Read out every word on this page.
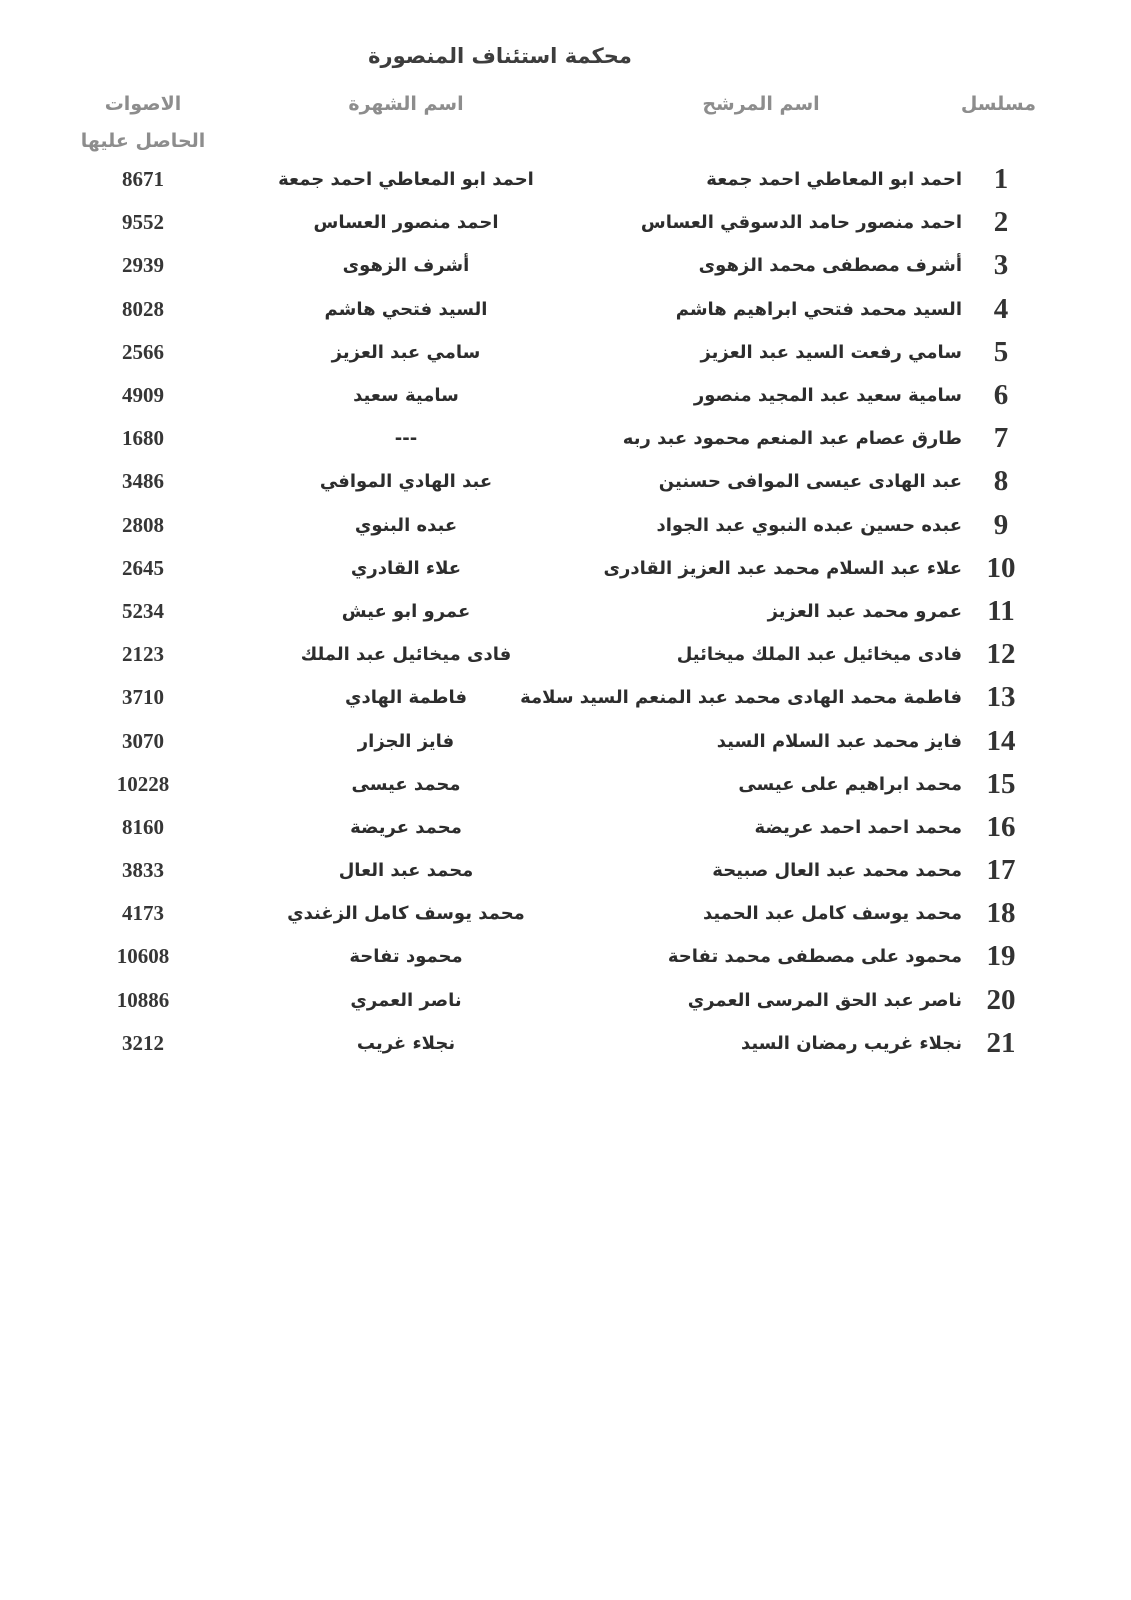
محكمة استئناف المنصورة
مسلسل
اسم المرشح
اسم الشهرة
الاصوات
الحاصل عليها
1
احمد ابو المعاطي احمد جمعة
احمد ابو المعاطي احمد جمعة
8671
2
احمد منصور حامد الدسوقي العساس
احمد منصور العساس
9552
3
أشرف مصطفى محمد الزهوى
أشرف الزهوى
2939
4
السيد محمد فتحي ابراهيم هاشم
السيد فتحي هاشم
8028
5
سامي رفعت السيد عبد العزيز
سامي عبد العزيز
2566
6
سامية سعيد عبد المجيد منصور
سامية سعيد
4909
7
طارق عصام عبد المنعم محمود عبد ربه
---
1680
8
عبد الهادى عيسى الموافى حسنين
عبد الهادي الموافي
3486
9
عبده حسين عبده النبوي عبد الجواد
عبده البنوي
2808
10
علاء عبد السلام محمد عبد العزيز القادرى
علاء القادري
2645
11
عمرو محمد عبد العزيز
عمرو ابو عيش
5234
12
فادى ميخائيل عبد الملك ميخائيل
فادى ميخائيل عبد الملك
2123
13
فاطمة محمد الهادى محمد عبد المنعم السيد سلامة
فاطمة الهادي
3710
14
فايز محمد عبد السلام السيد
فايز الجزار
3070
15
محمد ابراهيم على عيسى
محمد عيسى
10228
16
محمد احمد احمد عريضة
محمد عريضة
8160
17
محمد محمد عبد العال صبيحة
محمد عبد العال
3833
18
محمد يوسف كامل عبد الحميد
محمد يوسف كامل الزغندي
4173
19
محمود على مصطفى محمد تفاحة
محمود تفاحة
10608
20
ناصر عبد الحق المرسى العمري
ناصر العمري
10886
21
نجلاء غريب رمضان السيد
نجلاء غريب
3212
